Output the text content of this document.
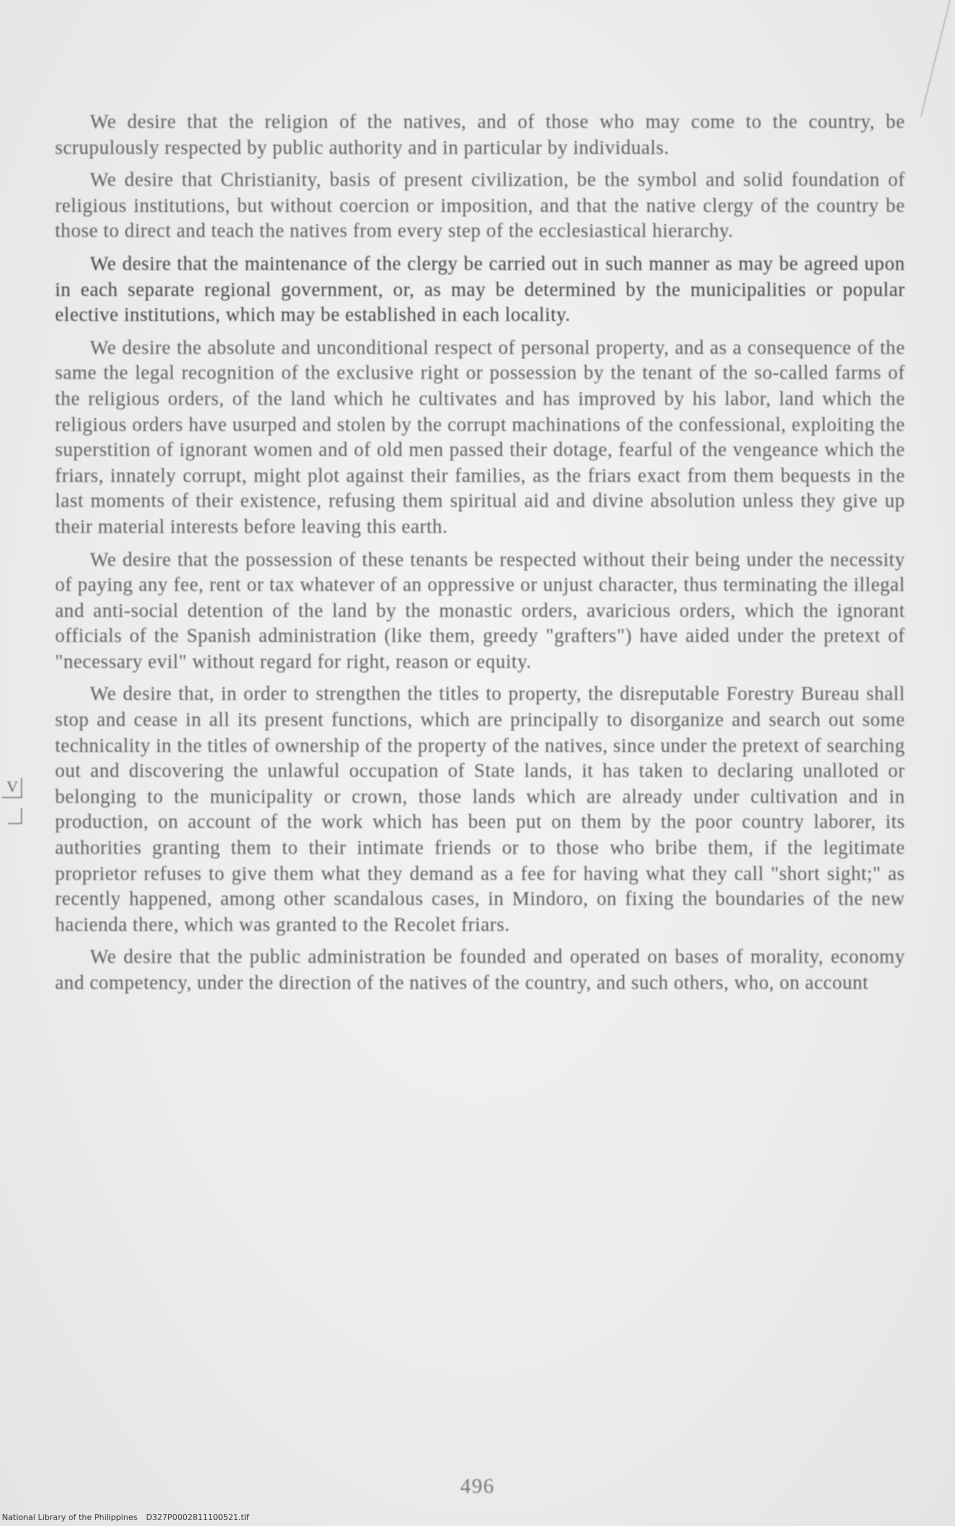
We desire that the religion of the natives, and of those who may come to the country, be scrupulously respected by public authority and in particular by individuals.

We desire that Christianity, basis of present civilization, be the symbol and solid foundation of religious institutions, but without coercion or imposition, and that the native clergy of the country be those to direct and teach the natives from every step of the ecclesiastical hierarchy.

We desire that the maintenance of the clergy be carried out in such manner as may be agreed upon in each separate regional government, or, as may be determined by the municipalities or popular elective institutions, which may be established in each locality.

We desire the absolute and unconditional respect of personal property, and as a consequence of the same the legal recognition of the exclusive right or possession by the tenant of the so-called farms of the religious orders, of the land which he cultivates and has improved by his labor, land which the religious orders have usurped and stolen by the corrupt machinations of the confessional, exploiting the superstition of ignorant women and of old men passed their dotage, fearful of the vengeance which the friars, innately corrupt, might plot against their families, as the friars exact from them bequests in the last moments of their existence, refusing them spiritual aid and divine absolution unless they give up their material interests before leaving this earth.

We desire that the possession of these tenants be respected without their being under the necessity of paying any fee, rent or tax whatever of an oppressive or unjust character, thus terminating the illegal and anti-social detention of the land by the monastic orders, avaricious orders, which the ignorant officials of the Spanish administration (like them, greedy "grafters") have aided under the pretext of "necessary evil" without regard for right, reason or equity.

We desire that, in order to strengthen the titles to property, the disreputable Forestry Bureau shall stop and cease in all its present functions, which are principally to disorganize and search out some technicality in the titles of ownership of the property of the natives, since under the pretext of searching out and discovering the unlawful occupation of State lands, it has taken to declaring unalloted or belonging to the municipality or crown, those lands which are already under cultivation and in production, on account of the work which has been put on them by the poor country laborer, its authorities granting them to their intimate friends or to those who bribe them, if the legitimate proprietor refuses to give them what they demand as a fee for having what they call "short sight;" as recently happened, among other scandalous cases, in Mindoro, on fixing the boundaries of the new hacienda there, which was granted to the Recolet friars.

We desire that the public administration be founded and operated on bases of morality, economy and competency, under the direction of the natives of the country, and such others, who, on account

V
496
National Library of the Philippines D327P0002811100521.tif
